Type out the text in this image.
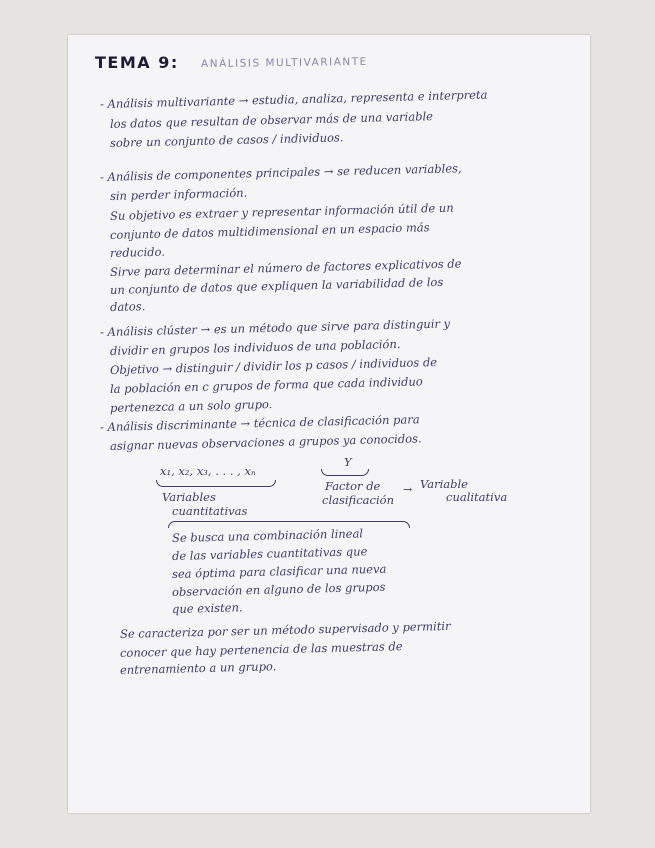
TEMA 9: ANÁLISIS MULTIVARIANTE
- Análisis multivariante → estudia, analiza, representa e interpreta
los datos que resultan de observar más de una variable
sobre un conjunto de casos / individuos.
- Análisis de componentes principales → se reducen variables,
sin perder información.
Su objetivo es extraer y representar información útil de un
conjunto de datos multidimensional en un espacio más
reducido.
Sirve para determinar el número de factores explicativos de
un conjunto de datos que expliquen la variabilidad de los
datos.
- Análisis clúster → es un método que sirve para distinguir y
dividir en grupos los individuos de una población.
Objetivo → distinguir / dividir los p casos / individuos de
la población en c grupos de forma que cada individuo
pertenezca a un solo grupo.
- Análisis discriminante → técnica de clasificación para
asignar nuevas observaciones a grupos ya conocidos.
x₁, x₂, x₃, . . . , xₙ
Variables
cuantitativas
Y
Factor de
clasificación
→ Variable
cualitativa
Se busca una combinación lineal
de las variables cuantitativas que
sea óptima para clasificar una nueva
observación en alguno de los grupos
que existen.
Se caracteriza por ser un método supervisado y permitir
conocer que hay pertenencia de las muestras de
entrenamiento a un grupo.
